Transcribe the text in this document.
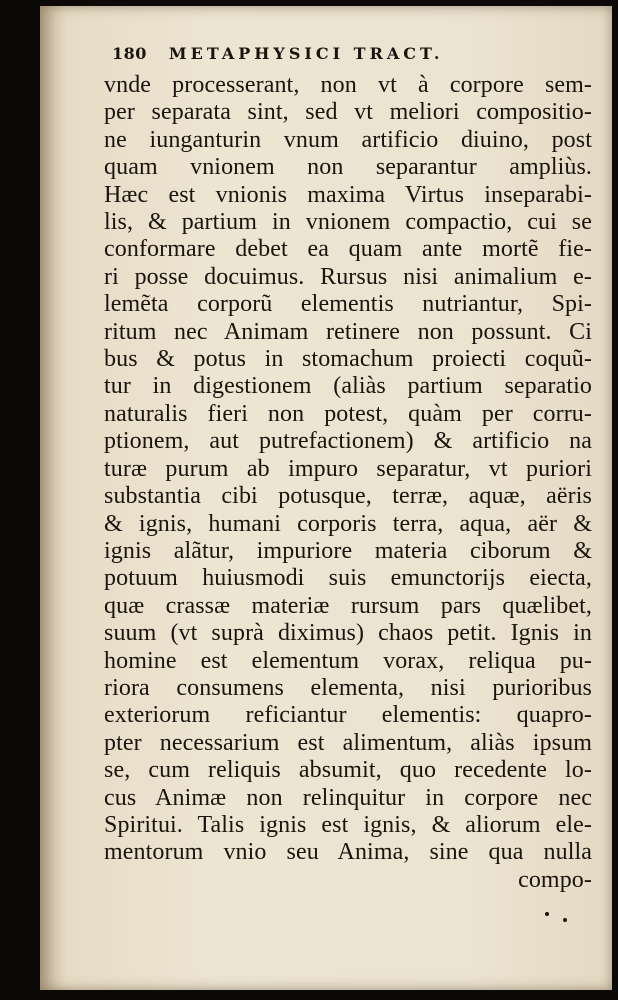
180 METAPHYSICI TRACT.
vnde processerant, non vt à corpore sem-
per separata sint, sed vt meliori compositio-
ne iunganturin vnum artificio diuino, post
quam vnionem non separantur ampliùs.
Hæc est vnionis maxima Virtus inseparabi-
lis, & partium in vnionem compactio, cui se
conformare debet ea quam ante mortẽ fie-
ri posse docuimus. Rursus nisi animalium e-
lemẽta corporũ elementis nutriantur, Spi-
ritum nec Animam retinere non possunt. Ci
bus & potus in stomachum proiecti coquũ-
tur in digestionem (aliàs partium separatio
naturalis fieri non potest, quàm per corru-
ptionem, aut putrefactionem) & artificio na
turæ purum ab impuro separatur, vt puriori
substantia cibi potusque, terræ, aquæ, aëris
& ignis, humani corporis terra, aqua, aër &
ignis alãtur, impuriore materia ciborum &
potuum huiusmodi suis emunctorijs eiecta,
quæ crassæ materiæ rursum pars quælibet,
suum (vt suprà diximus) chaos petit. Ignis in
homine est elementum vorax, reliqua pu-
riora consumens elementa, nisi purioribus
exteriorum reficiantur elementis: quapro-
pter necessarium est alimentum, aliàs ipsum
se, cum reliquis absumit, quo recedente lo-
cus Animæ non relinquitur in corpore nec
Spiritui. Talis ignis est ignis, & aliorum ele-
mentorum vnio seu Anima, sine qua nulla
compo-
